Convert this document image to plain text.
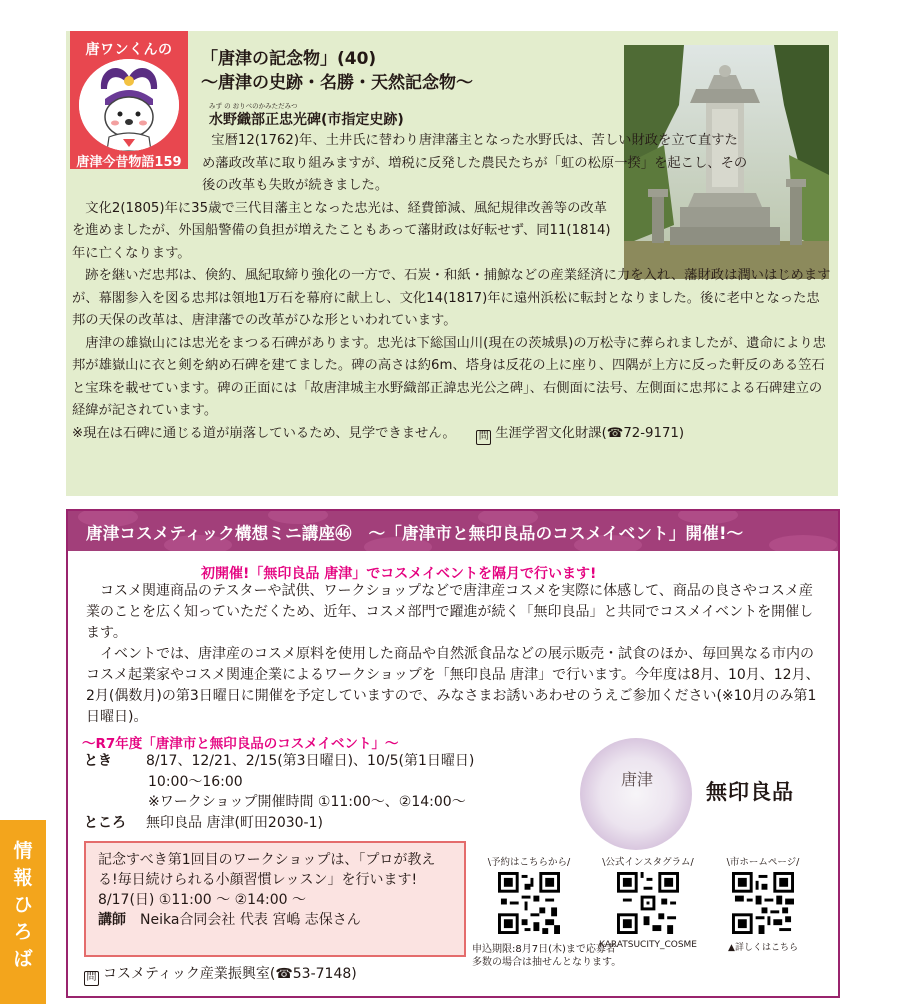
唐ワンくんの
唐津今昔物語159
「唐津の記念物」(40)
〜唐津の史跡・名勝・天然記念物〜
みず の おりべのかみただみつ
水野織部正忠光碑(市指定史跡)

宝暦12(1762)年、土井氏に替わり唐津藩主となった水野氏は、苦しい財政を立て直すため藩政改革に取り組みますが、増税に反発した農民たちが「虹の松原一揆」を起こし、その後の改革も失敗が続きました。

文化2(1805)年に35歳で三代目藩主となった忠光は、経費節減、風紀規律改善等の改革を進めましたが、外国船警備の負担が増えたこともあって藩財政は好転せず、同11(1814)年に亡くなります。

跡を継いだ忠邦は、倹約、風紀取締り強化の一方で、石炭・和紙・捕鯨などの産業経済に力を入れ、藩財政は潤いはじめますが、幕閣参入を図る忠邦は領地1万石を幕府に献上し、文化14(1817)年に遠州浜松に転封となりました。後に老中となった忠邦の天保の改革は、唐津藩での改革がひな形といわれています。

唐津の雄嶽山には忠光をまつる石碑があります。忠光は下総国山川(現在の茨城県)の万松寺に葬られましたが、遺命により忠邦が雄嶽山に衣と剣を納め石碑を建てました。碑の高さは約6m、塔身は反花の上に座り、四隅が上方に反った軒反のある笠石と宝珠を載せています。碑の正面には「故唐津城主水野織部正諱忠光公之碑」、右側面に法号、左側面に忠邦による石碑建立の経緯が記されています。

※現在は石碑に通じる道が崩落しているため、見学できません。 問 生涯学習文化財課(☎72-9171)

唐津コスメティック構想ミニ講座㊻　〜「唐津市と無印良品のコスメイベント」開催!〜
初開催!「無印良品 唐津」でコスメイベントを隔月で行います!

コスメ関連商品のテスターや試供、ワークショップなどで唐津産コスメを実際に体感して、商品の良さやコスメ産業のことを広く知っていただくため、近年、コスメ部門で躍進が続く「無印良品」と共同でコスメイベントを開催します。

イベントでは、唐津産のコスメ原料を使用した商品や自然派食品などの展示販売・試食のほか、毎回異なる市内のコスメ起業家やコスメ関連企業によるワークショップを「無印良品 唐津」で行います。今年度は8月、10月、12月、2月(偶数月)の第3日曜日に開催を予定していますので、みなさまお誘いあわせのうえご参加ください(※10月のみ第1日曜日)。

〜R7年度「唐津市と無印良品のコスメイベント」〜
とき 8/17、12/21、2/15(第3日曜日)、10/5(第1日曜日)
10:00〜16:00
※ワークショップ開催時間 ①11:00〜、②14:00〜
ところ 無印良品 唐津(町田2030-1)
記念すべき第1回目のワークショップは、「プロが教える!毎日続けられる小顔習慣レッスン」を行います!
8/17(日) ①11:00 〜 ②14:00 〜
講師 Neika合同会社 代表 宮嶋 志保さん
問 コスメティック産業振興室(☎53-7148)
唐津
無印良品
\予約はこちらから/	\公式インスタグラム/
KARATSUCITY_COSME
\市ホームページ/
▲詳しくはこちら
申込期限:8月7日(木)まで応募者多数の場合は抽せんとなります。
情
報
ひ
ろ
ば
